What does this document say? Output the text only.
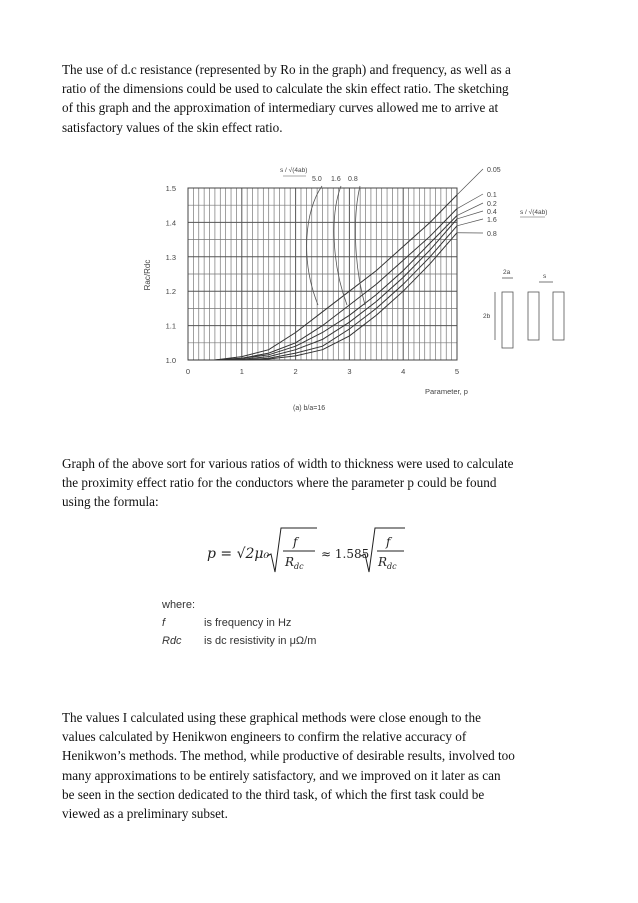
The use of d.c resistance (represented by Ro in the graph) and frequency, as well as a
ratio of the dimensions could be used to calculate the skin effect ratio. The sketching
of this graph and the approximation of intermediary curves allowed me to arrive at
satisfactory values of the skin effect ratio.
0	1	2	3	4	5
1.0
1.1
1.2
1.3
1.4
1.5
Rac/Rdc
Parameter, p
(a) b/a=16
s / √(4ab)
5.0 1.6 0.8
s / √(4ab)
0.05
0.1
0.2
0.4
1.6
0.8
2a
s
2b
Graph of the above sort for various ratios of width to thickness were used to calculate
the proximity effect ratio for the conductors where the parameter p could be found
using the formula:
p = √2μ₀
f
R dc
≈ 1.585
f
R dc
where:
f	is frequency in Hz
Rdc is dc resistivity in μΩ/m
The values I calculated using these graphical methods were close enough to the
values calculated by Henikwon engineers to confirm the relative accuracy of
Henikwon’s methods. The method, while productive of desirable results, involved too
many approximations to be entirely satisfactory, and we improved on it later as can
be seen in the section dedicated to the third task, of which the first task could be
viewed as a preliminary subset.
